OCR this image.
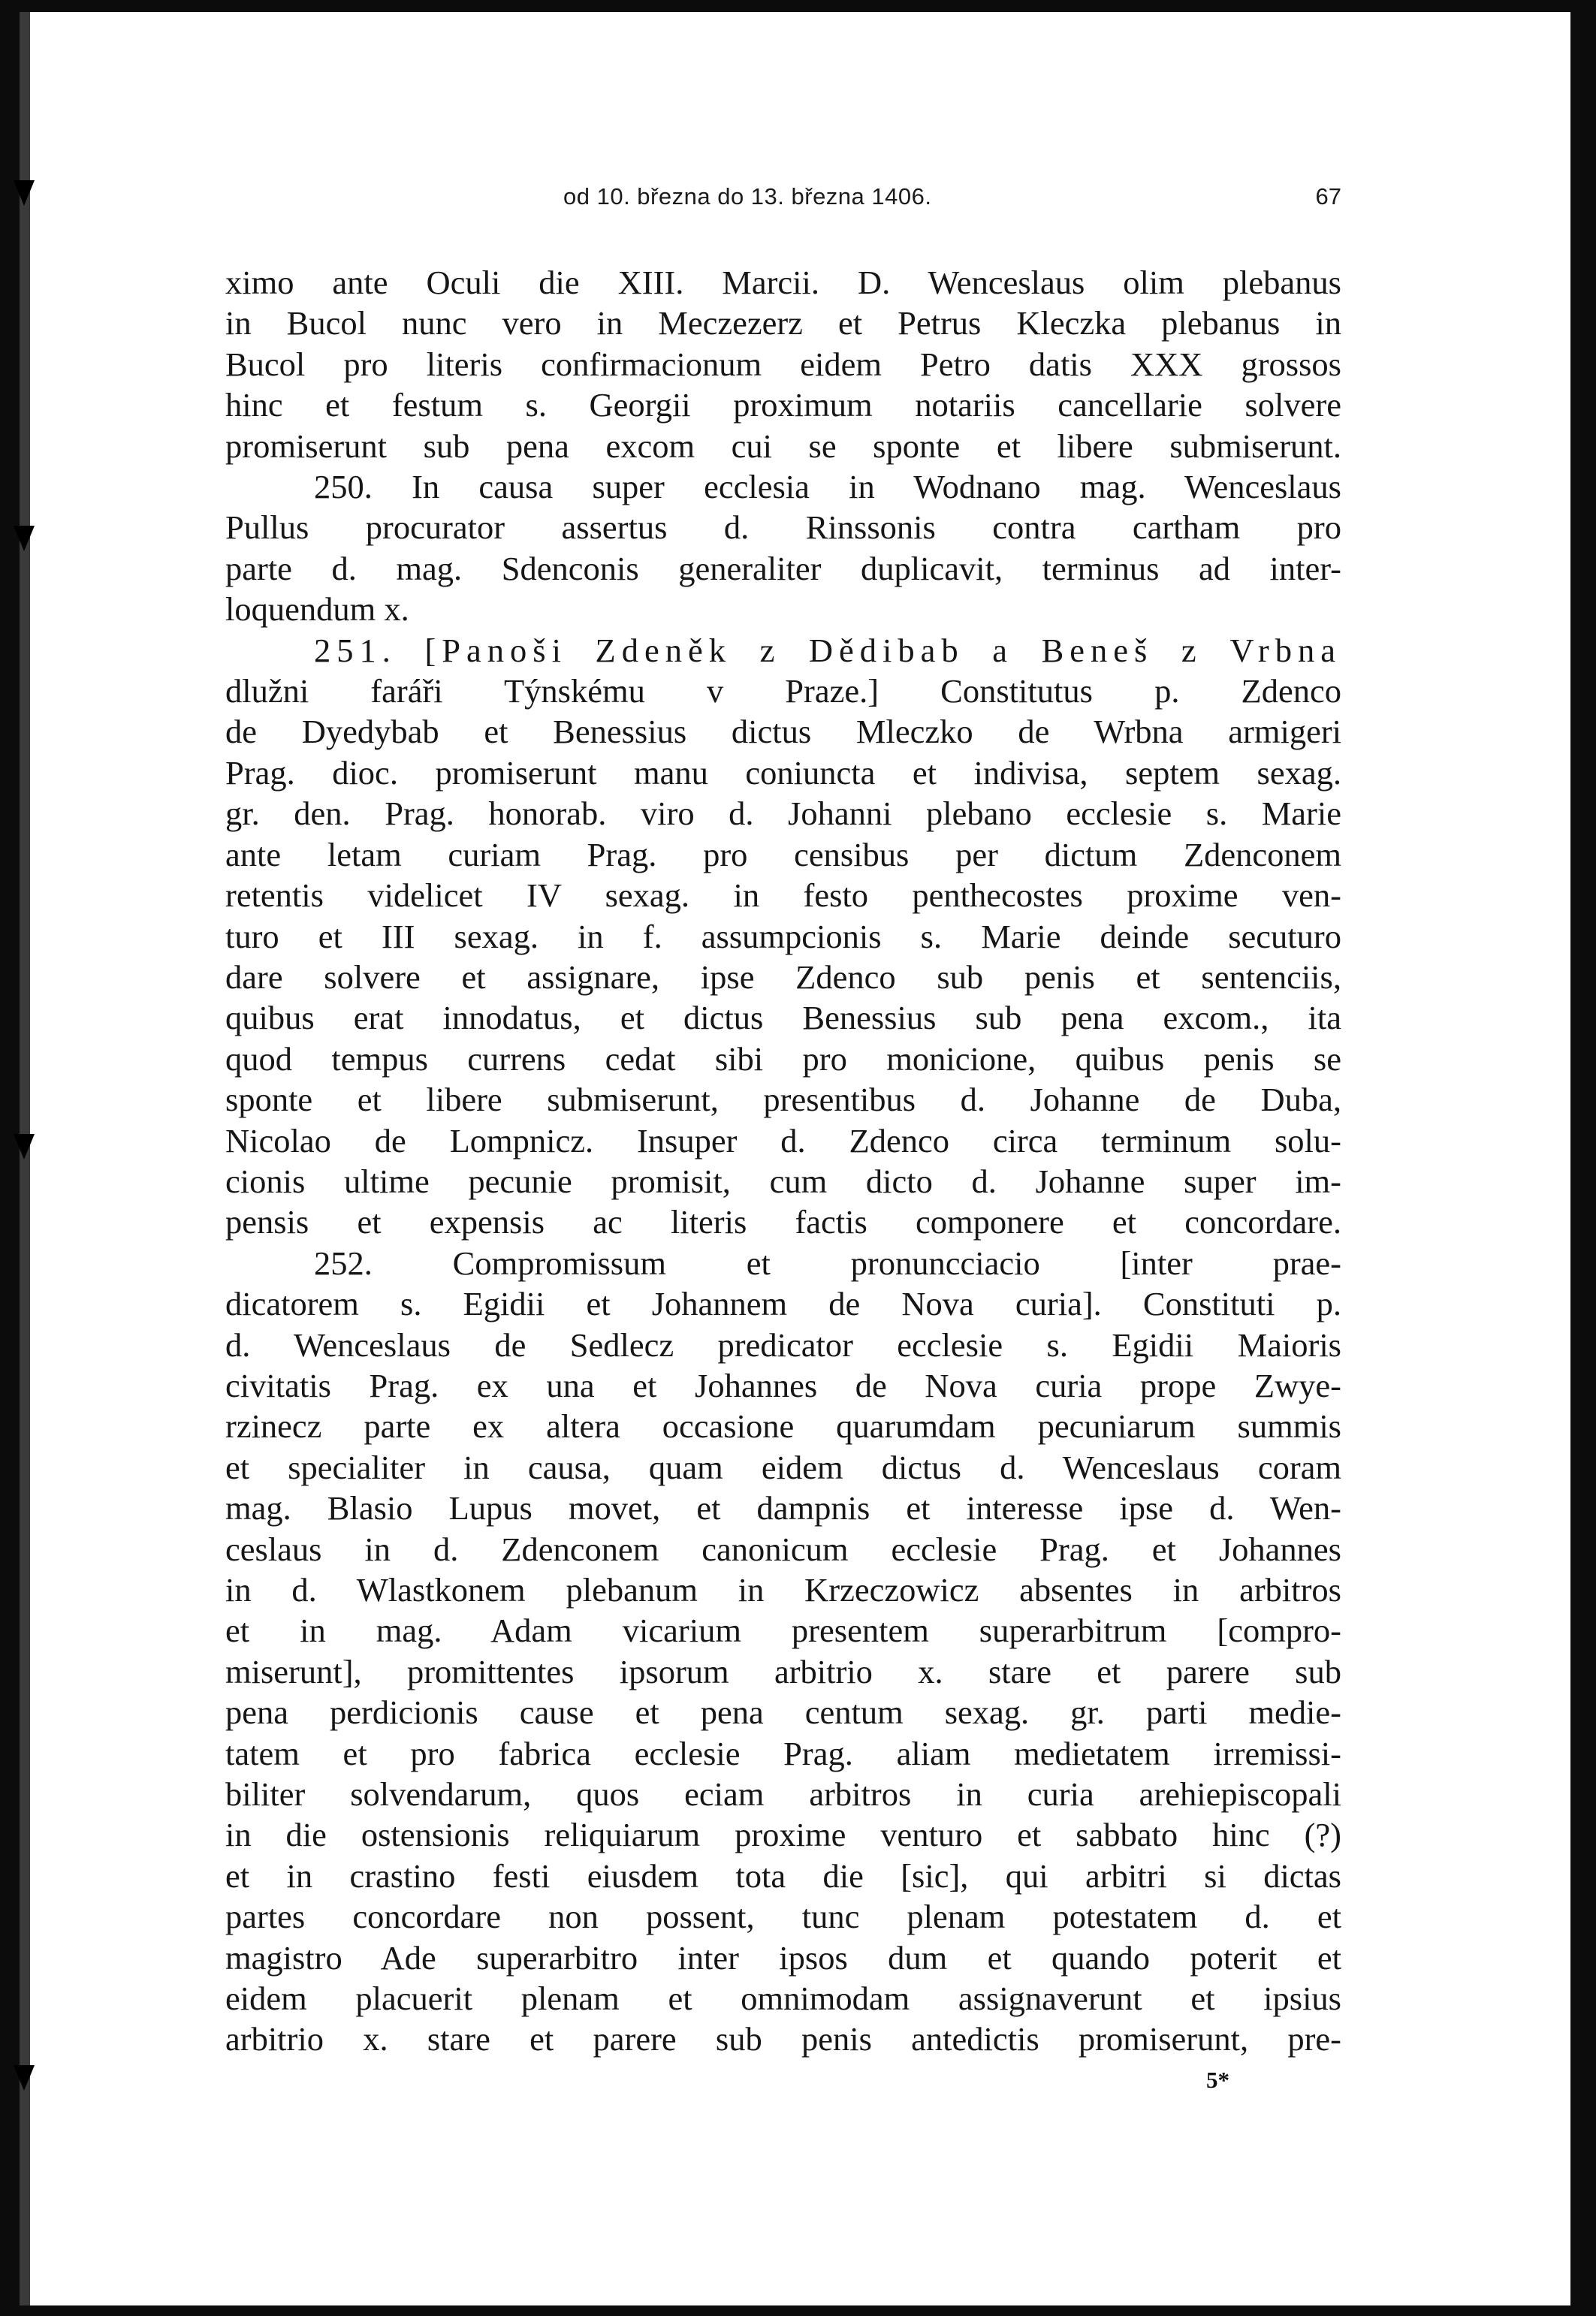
od 10. března do 13. března 1406.	67
ximo ante Oculi die XIII. Marcii. D. Wenceslaus olim plebanus
in Bucol nunc vero in Meczezerz et Petrus Kleczka plebanus in
Bucol pro literis confirmacionum eidem Petro datis XXX grossos
hinc et festum s. Georgii proximum notariis cancellarie solvere
promiserunt sub pena excom cui se sponte et libere submiserunt.
250. In causa super ecclesia in Wodnano mag. Wenceslaus
Pullus procurator assertus d. Rinssonis contra cartham pro
parte d. mag. Sdenconis generaliter duplicavit, terminus ad inter-
loquendum x.
251. [Panoši Zdeněk z Dědibab a Beneš z Vrbna
dlužni faráři Týnskému v Praze.] Constitutus p. Zdenco
de Dyedybab et Benessius dictus Mleczko de Wrbna armigeri
Prag. dioc. promiserunt manu coniuncta et indivisa, septem sexag.
gr. den. Prag. honorab. viro d. Johanni plebano ecclesie s. Marie
ante letam curiam Prag. pro censibus per dictum Zdenconem
retentis videlicet IV sexag. in festo penthecostes proxime ven-
turo et III sexag. in f. assumpcionis s. Marie deinde secuturo
dare solvere et assignare, ipse Zdenco sub penis et sentenciis,
quibus erat innodatus, et dictus Benessius sub pena excom., ita
quod tempus currens cedat sibi pro monicione, quibus penis se
sponte et libere submiserunt, presentibus d. Johanne de Duba,
Nicolao de Lompnicz. Insuper d. Zdenco circa terminum solu-
cionis ultime pecunie promisit, cum dicto d. Johanne super im-
pensis et expensis ac literis factis componere et concordare.
252. Compromissum et pronuncciacio [inter prae-
dicatorem s. Egidii et Johannem de Nova curia]. Constituti p.
d. Wenceslaus de Sedlecz predicator ecclesie s. Egidii Maioris
civitatis Prag. ex una et Johannes de Nova curia prope Zwye-
rzinecz parte ex altera occasione quarumdam pecuniarum summis
et specialiter in causa, quam eidem dictus d. Wenceslaus coram
mag. Blasio Lupus movet, et dampnis et interesse ipse d. Wen-
ceslaus in d. Zdenconem canonicum ecclesie Prag. et Johannes
in d. Wlastkonem plebanum in Krzeczowicz absentes in arbitros
et in mag. Adam vicarium presentem superarbitrum [compro-
miserunt], promittentes ipsorum arbitrio x. stare et parere sub
pena perdicionis cause et pena centum sexag. gr. parti medie-
tatem et pro fabrica ecclesie Prag. aliam medietatem irremissi-
biliter solvendarum, quos eciam arbitros in curia arehiepiscopali
in die ostensionis reliquiarum proxime venturo et sabbato hinc (?)
et in crastino festi eiusdem tota die [sic], qui arbitri si dictas
partes concordare non possent, tunc plenam potestatem d. et
magistro Ade superarbitro inter ipsos dum et quando poterit et
eidem placuerit plenam et omnimodam assignaverunt et ipsius
arbitrio x. stare et parere sub penis antedictis promiserunt, pre-
5*
